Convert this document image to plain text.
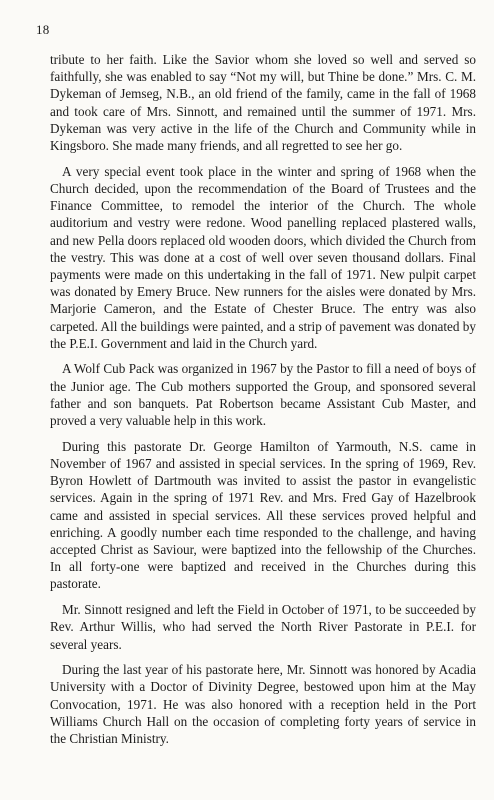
18

tribute to her faith. Like the Savior whom she loved so well and served so faithfully, she was enabled to say “Not my will, but Thine be done.” Mrs. C. M. Dykeman of Jemseg, N.B., an old friend of the family, came in the fall of 1968 and took care of Mrs. Sinnott, and remained until the summer of 1971. Mrs. Dykeman was very active in the life of the Church and Community while in Kingsboro. She made many friends, and all regretted to see her go.

A very special event took place in the winter and spring of 1968 when the Church decided, upon the recommendation of the Board of Trustees and the Finance Committee, to remodel the interior of the Church. The whole auditorium and vestry were redone. Wood panelling replaced plastered walls, and new Pella doors replaced old wooden doors, which divided the Church from the vestry. This was done at a cost of well over seven thousand dollars. Final payments were made on this undertaking in the fall of 1971. New pulpit carpet was donated by Emery Bruce. New runners for the aisles were donated by Mrs. Marjorie Cameron, and the Estate of Chester Bruce. The entry was also carpeted. All the buildings were painted, and a strip of pavement was donated by the P.E.I. Government and laid in the Church yard.

A Wolf Cub Pack was organized in 1967 by the Pastor to fill a need of boys of the Junior age. The Cub mothers supported the Group, and sponsored several father and son banquets. Pat Robertson became Assistant Cub Master, and proved a very valuable help in this work.

During this pastorate Dr. George Hamilton of Yarmouth, N.S. came in November of 1967 and assisted in special services. In the spring of 1969, Rev. Byron Howlett of Dartmouth was invited to assist the pastor in evangelistic services. Again in the spring of 1971 Rev. and Mrs. Fred Gay of Hazelbrook came and assisted in special services. All these services proved helpful and enriching. A goodly number each time responded to the challenge, and having accepted Christ as Saviour, were baptized into the fellowship of the Churches. In all forty-one were baptized and received in the Churches during this pastorate.

Mr. Sinnott resigned and left the Field in October of 1971, to be succeeded by Rev. Arthur Willis, who had served the North River Pastorate in P.E.I. for several years.

During the last year of his pastorate here, Mr. Sinnott was honored by Acadia University with a Doctor of Divinity Degree, bestowed upon him at the May Convocation, 1971. He was also honored with a reception held in the Port Williams Church Hall on the occasion of completing forty years of service in the Christian Ministry.
